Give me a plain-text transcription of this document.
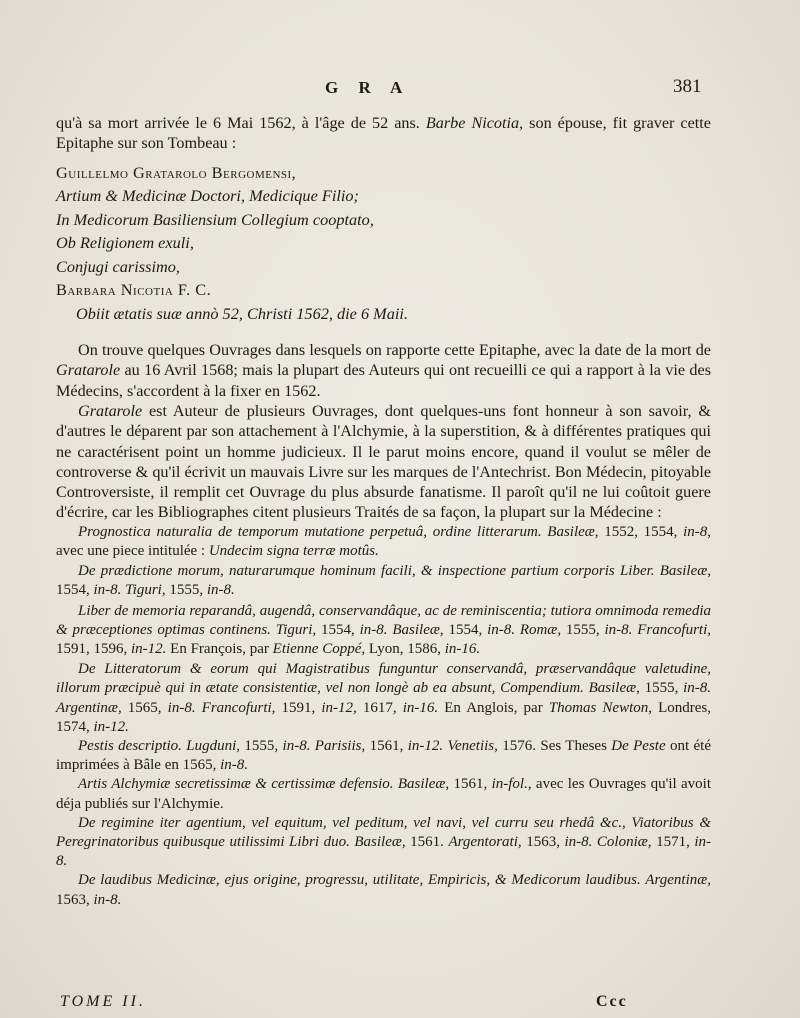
G R A	381

qu'à sa mort arrivée le 6 Mai 1562, à l'âge de 52 ans. Barbe Nicotia, son épouse, fit graver cette Epitaphe sur son Tombeau :

Guillelmo Gratarolo Bergomensi,

Artium & Medicinæ Doctori, Medicique Filio;

In Medicorum Basiliensium Collegium cooptato,

Ob Religionem exuli,

Conjugi carissimo,

Barbara Nicotia F. C.

Obiit ætatis suæ annò 52, Christi 1562, die 6 Maii.

On trouve quelques Ouvrages dans lesquels on rapporte cette Epitaphe, avec la date de la mort de Gratarole au 16 Avril 1568; mais la plupart des Auteurs qui ont recueilli ce qui a rapport à la vie des Médecins, s'accordent à la fixer en 1562.

Gratarole est Auteur de plusieurs Ouvrages, dont quelques-uns font honneur à son savoir, & d'autres le déparent par son attachement à l'Alchymie, à la superstition, & à différentes pratiques qui ne caractérisent point un homme judicieux. Il le parut moins encore, quand il voulut se mêler de controverse & qu'il écrivit un mauvais Livre sur les marques de l'Antechrist. Bon Médecin, pitoyable Controversiste, il remplit cet Ouvrage du plus absurde fanatisme. Il paroît qu'il ne lui coûtoit guere d'écrire, car les Bibliographes citent plusieurs Traités de sa façon, la plupart sur la Médecine :

Prognostica naturalia de temporum mutatione perpetuâ, ordine litterarum. Basileæ, 1552, 1554, in-8, avec une piece intitulée : Undecim signa terræ motûs.

De prædictione morum, naturarumque hominum facili, & inspectione partium corporis Liber. Basileæ, 1554, in-8. Tiguri, 1555, in-8.

Liber de memoria reparandâ, augendâ, conservandâque, ac de reminiscentia; tutiora omnimoda remedia & præceptiones optimas continens. Tiguri, 1554, in-8. Basileæ, 1554, in-8. Romæ, 1555, in-8. Francofurti, 1591, 1596, in-12. En François, par Etienne Coppé, Lyon, 1586, in-16.

De Litteratorum & eorum qui Magistratibus funguntur conservandâ, præservandâque valetudine, illorum præcipuè qui in ætate consistentiæ, vel non longè ab ea absunt, Compendium. Basileæ, 1555, in-8. Argentinæ, 1565, in-8. Francofurti, 1591, in-12, 1617, in-16. En Anglois, par Thomas Newton, Londres, 1574, in-12.

Pestis descriptio. Lugduni, 1555, in-8. Parisiis, 1561, in-12. Venetiis, 1576. Ses Theses De Peste ont été imprimées à Bâle en 1565, in-8.

Artis Alchymiæ secretissimæ & certissimæ defensio. Basileæ, 1561, in-fol., avec les Ouvrages qu'il avoit déja publiés sur l'Alchymie.

De regimine iter agentium, vel equitum, vel peditum, vel navi, vel curru seu rhedâ &c., Viatoribus & Peregrinatoribus quibusque utilissimi Libri duo. Basileæ, 1561. Argentorati, 1563, in-8. Coloniæ, 1571, in-8.

De laudibus Medicinæ, ejus origine, progressu, utilitate, Empiricis, & Medicorum laudibus. Argentinæ, 1563, in-8.

TOME II.	Ccc
